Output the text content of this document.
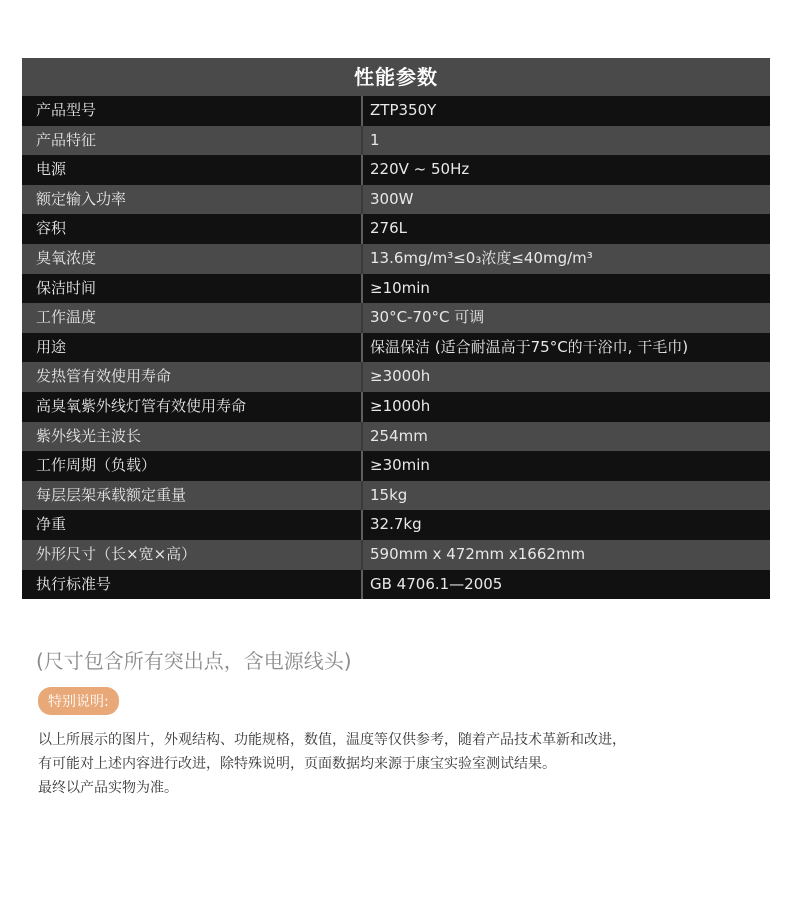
性能参数
产品型号	ZTP350Y
产品特征	1
电源	220V ~ 50Hz
额定输入功率	300W
容积	276L
臭氧浓度	13.6mg/m³≤0₃浓度≤40mg/m³
保洁时间	≥10min
工作温度	30°C-70°C 可调
用途	保温保洁 (适合耐温高于75°C的干浴巾, 干毛巾)
发热管有效使用寿命	≥3000h
高臭氧紫外线灯管有效使用寿命	≥1000h
紫外线光主波长	254mm
工作周期（负载）	≥30min
每层层架承载额定重量	15kg
净重	32.7kg
外形尺寸（长×宽×高）	590mm x 472mm x1662mm
执行标准号	GB 4706.1—2005
(尺寸包含所有突出点，含电源线头)
特别说明:
以上所展示的图片，外观结构、功能规格，数值，温度等仅供参考，随着产品技术革新和改进，
有可能对上述内容进行改进，除特殊说明，页面数据均来源于康宝实验室测试结果。
最终以产品实物为准。
